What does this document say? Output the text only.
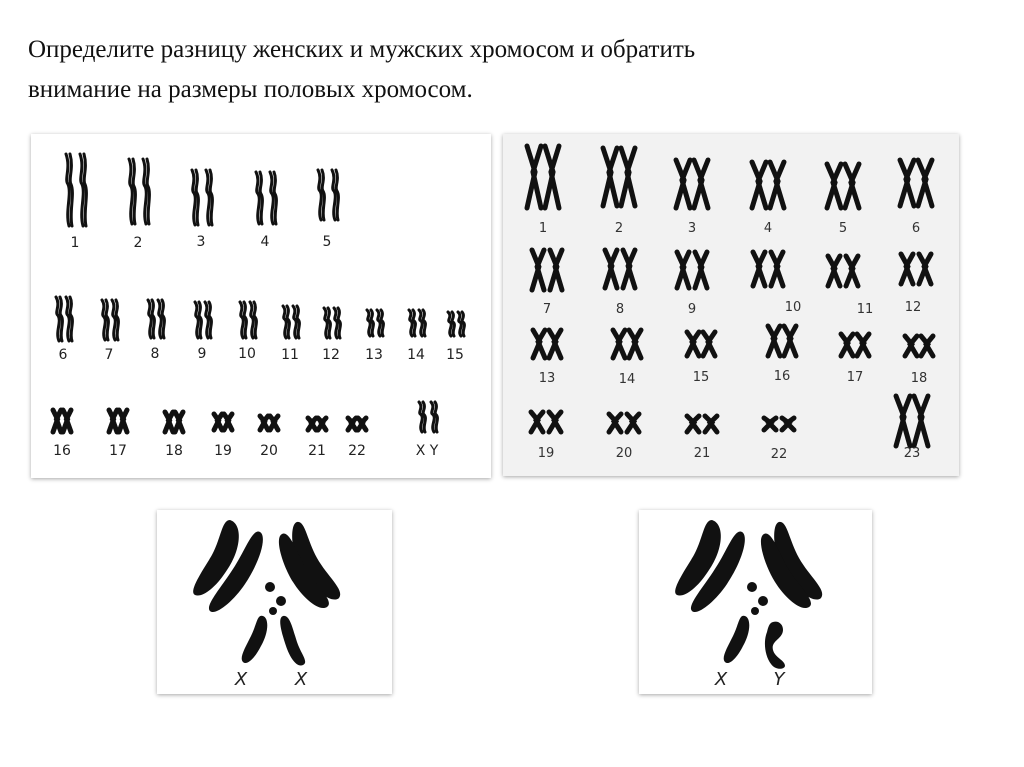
Определите разницу женских и мужских хромосом и обратить
внимание на размеры половых хромосом.
1	2	3	4	5
6	7	8	9 10 11 12 13 14 15
16	17	18 19 20 21 22	X Y
1	2	3	4	5	6
7	8	9	10	11 12
13	14	15	16	17	18
19	20	21	22	23
X	X	X	Y
